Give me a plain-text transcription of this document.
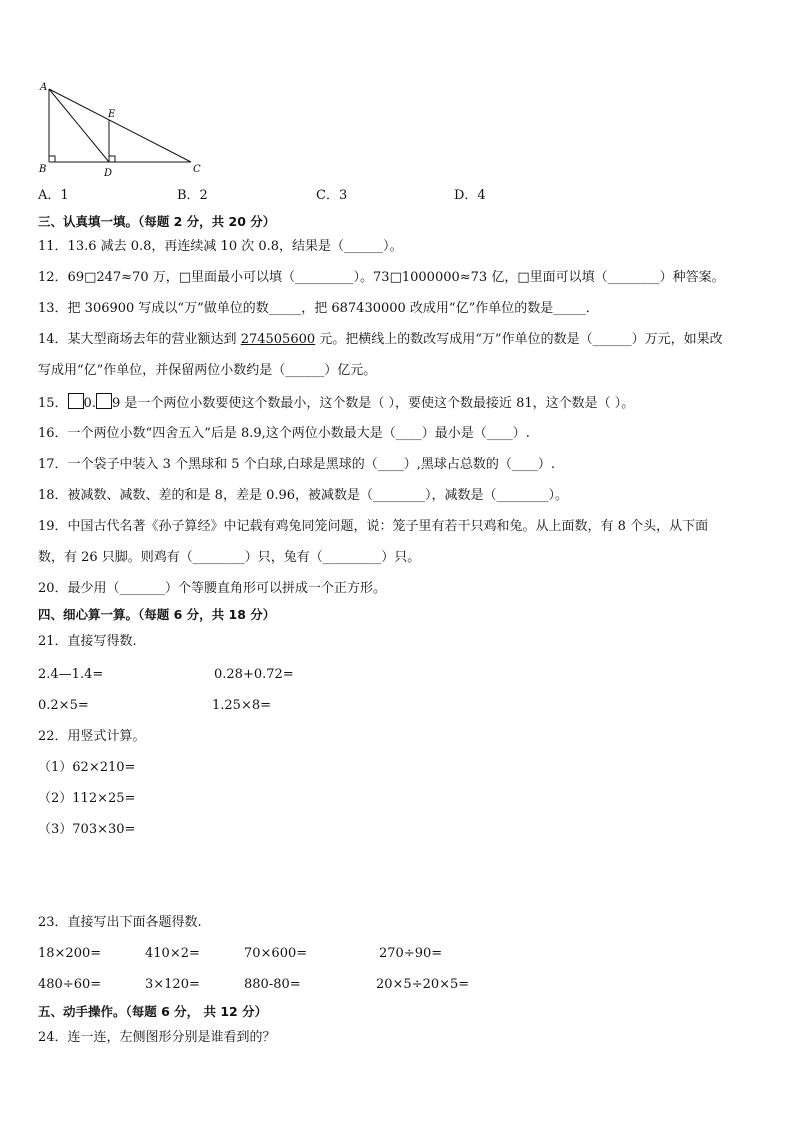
A
B	C
D
E
A．1	B．2	C．3	D．4
三、认真填一填。（每题 2 分，共 20 分）
11．13.6 减去 0.8，再连续减 10 次 0.8，结果是（______）。
12．69□247≈70 万，□里面最小可以填（_________）。73□1000000≈73 亿，□里面可以填（________）种答案。
13．把 306900 写成以“万”做单位的数_____，把 687430000 改成用“亿”作单位的数是_____．
14．某大型商场去年的营业额达到 274505600 元。把横线上的数改写成用“万”作单位的数是（______）万元，如果改
写成用“亿”作单位，并保留两位小数约是（______）亿元。
15． 0. 9 是一个两位小数要使这个数最小，这个数是（ ），要使这个数最接近 81，这个数是（ ）。
16．一个两位小数“四舍五入”后是 8.9,这个两位小数最大是（____）最小是（____）.
17．一个袋子中装入 3 个黑球和 5 个白球,白球是黑球的（____）,黑球占总数的（____）.
18．被减数、减数、差的和是 8，差是 0.96，被减数是（________），减数是（________）。
19．中国古代名著《孙子算经》中记载有鸡兔同笼问题，说：笼子里有若干只鸡和兔。从上面数，有 8 个头，从下面
数，有 26 只脚。则鸡有（________）只，兔有（_________）只。
20．最少用（_______）个等腰直角形可以拼成一个正方形。
四、细心算一算。（每题 6 分，共 18 分）
21．直接写得数.
2.4—1.4=	0.28+0.72=
0.2×5=	1.25×8=
22．用竖式计算。
（1）62×210=
（2）112×25=
（3）703×30=
23．直接写出下面各题得数.
18×200=	410×2=	70×600=	270÷90=
480÷60=	3×120=	880-80=	20×5÷20×5=
五、动手操作。（每题 6 分， 共 12 分）
24．连一连，左侧图形分别是谁看到的？
